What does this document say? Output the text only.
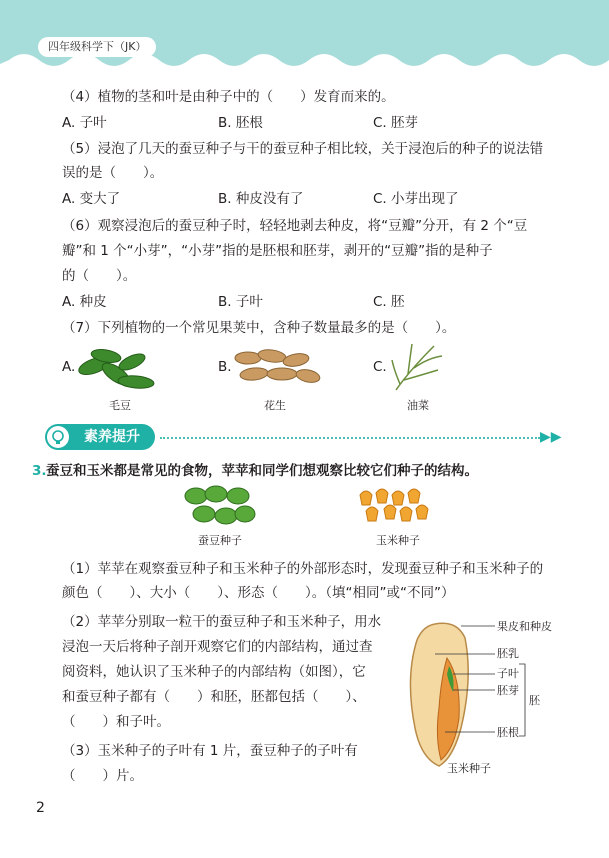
四年级科学下（JK）
（4）植物的茎和叶是由种子中的（　　）发育而来的。
A. 子叶	B. 胚根	C. 胚芽
（5）浸泡了几天的蚕豆种子与干的蚕豆种子相比较，关于浸泡后的种子的说法错
误的是（　　）。
A. 变大了	B. 种皮没有了	C. 小芽出现了
（6）观察浸泡后的蚕豆种子时，轻轻地剥去种皮，将“豆瓣”分开，有 2 个“豆
瓣”和 1 个“小芽”，“小芽”指的是胚根和胚芽，剥开的“豆瓣”指的是种子
的（　　）。
A. 种皮	B. 子叶	C. 胚
（7）下列植物的一个常见果荚中，含种子数量最多的是（　　）。
A.	B.	C.
毛豆	花生	油菜
素养提升	▶▶
3. 蚕豆和玉米都是常见的食物，苹苹和同学们想观察比较它们种子的结构。
蚕豆种子	玉米种子
（1）苹苹在观察蚕豆种子和玉米种子的外部形态时，发现蚕豆种子和玉米种子的
颜色（　　）、大小（　　）、形态（　　）。（填“相同”或“不同”）
（2）苹苹分别取一粒干的蚕豆种子和玉米种子，用水
浸泡一天后将种子剖开观察它们的内部结构，通过查
阅资料，她认识了玉米种子的内部结构（如图），它
和蚕豆种子都有（　　）和胚，胚都包括（　　）、
（　　）和子叶。
（3）玉米种子的子叶有 1 片，蚕豆种子的子叶有
（　　）片。
果皮和种皮
胚乳
子叶
胚芽
胚根
胚
玉米种子
2
